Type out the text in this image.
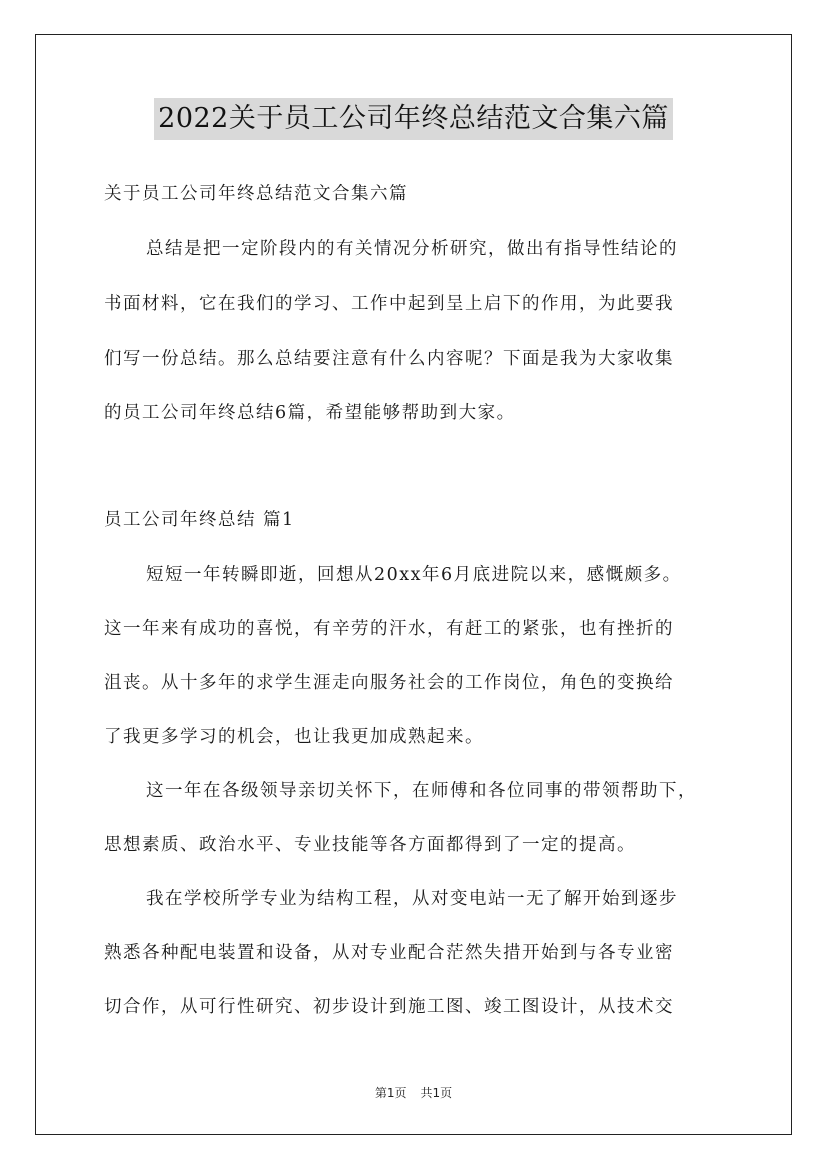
2022关于员工公司年终总结范文合集六篇
关于员工公司年终总结范文合集六篇
总结是把一定阶段内的有关情况分析研究，做出有指导性结论的
书面材料，它在我们的学习、工作中起到呈上启下的作用，为此要我
们写一份总结。那么总结要注意有什么内容呢？下面是我为大家收集
的员工公司年终总结6篇，希望能够帮助到大家。
员工公司年终总结 篇1
短短一年转瞬即逝，回想从20xx年6月底进院以来，感慨颇多。
这一年来有成功的喜悦，有辛劳的汗水，有赶工的紧张，也有挫折的
沮丧。从十多年的求学生涯走向服务社会的工作岗位，角色的变换给
了我更多学习的机会，也让我更加成熟起来。
这一年在各级领导亲切关怀下，在师傅和各位同事的带领帮助下，
思想素质、政治水平、专业技能等各方面都得到了一定的提高。
我在学校所学专业为结构工程，从对变电站一无了解开始到逐步
熟悉各种配电装置和设备，从对专业配合茫然失措开始到与各专业密
切合作，从可行性研究、初步设计到施工图、竣工图设计，从技术交
第1页 共1页
